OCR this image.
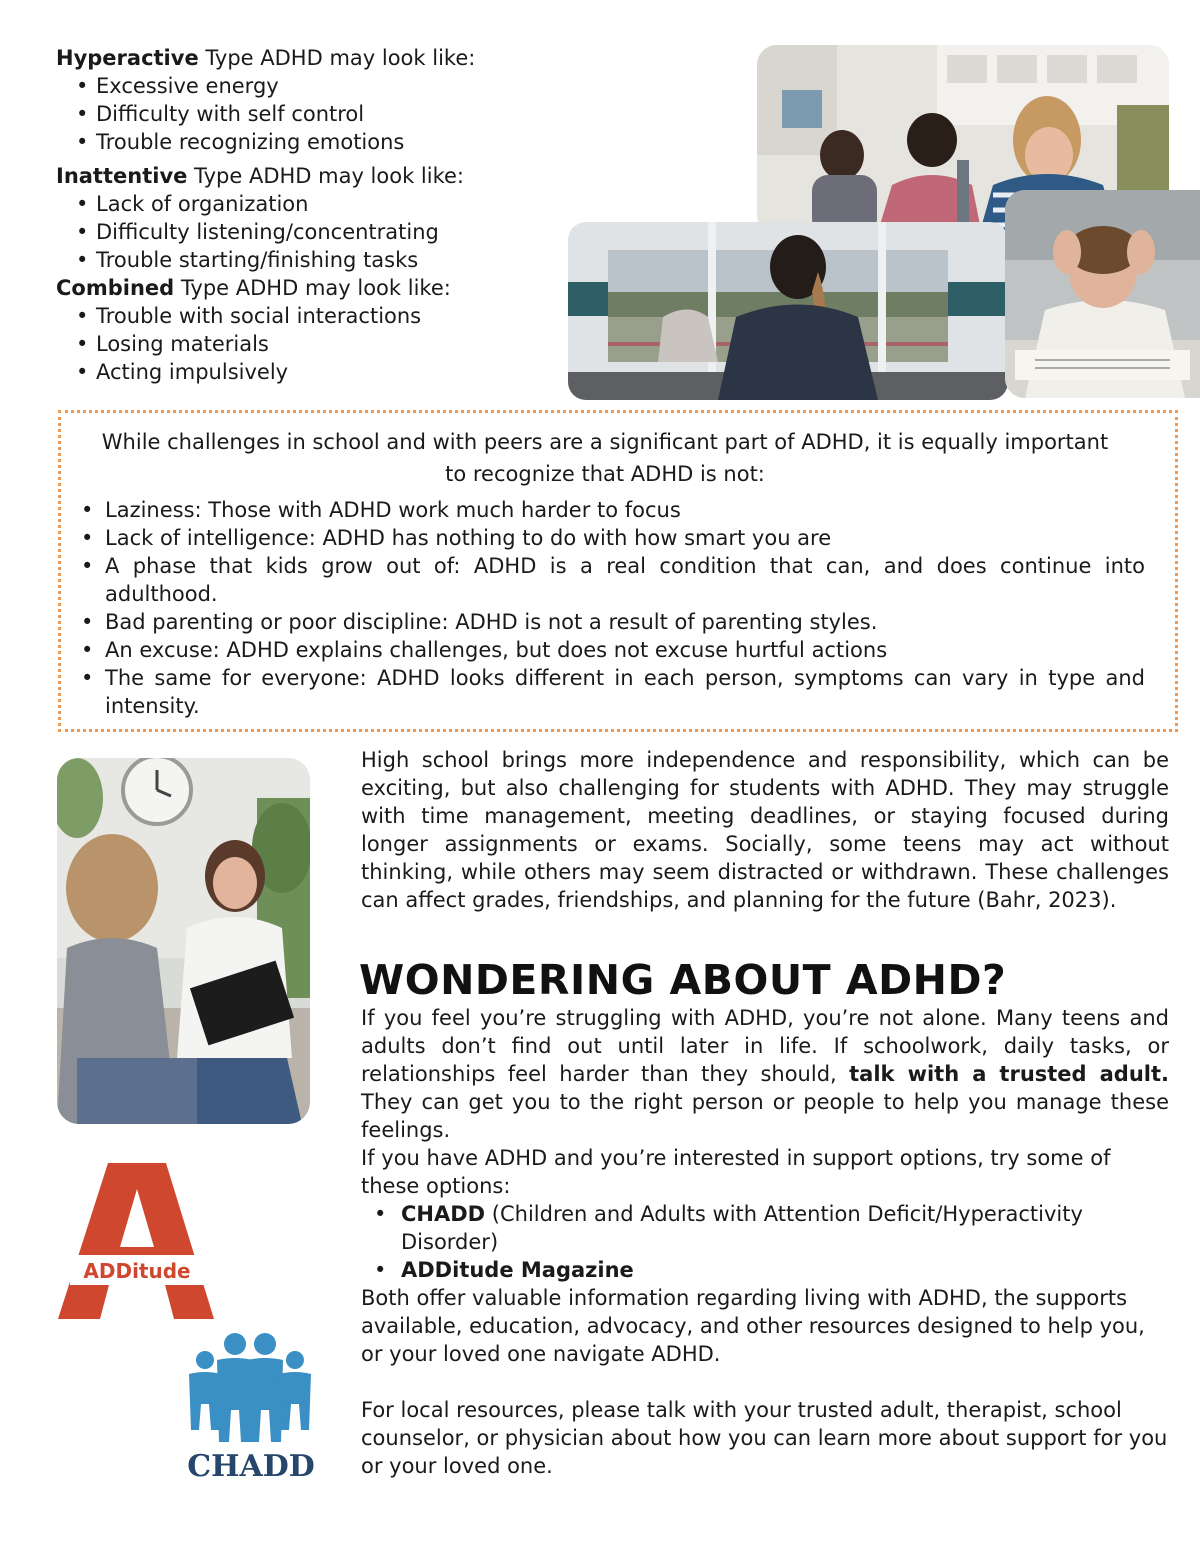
Hyperactive Type ADHD may look like:
• Excessive energy
• Difficulty with self control
• Trouble recognizing emotions
Inattentive Type ADHD may look like:
• Lack of organization
• Difficulty listening/concentrating
• Trouble starting/finishing tasks
Combined Type ADHD may look like:
• Trouble with social interactions
• Losing materials
• Acting impulsively
While challenges in school and with peers are a significant part of ADHD, it is equally important to recognize that ADHD is not:
• Laziness: Those with ADHD work much harder to focus
• Lack of intelligence: ADHD has nothing to do with how smart you are
• A phase that kids grow out of: ADHD is a real condition that can, and does continue into adulthood.
• Bad parenting or poor discipline: ADHD is not a result of parenting styles.
• An excuse: ADHD explains challenges, but does not excuse hurtful actions
• The same for everyone: ADHD looks different in each person, symptoms can vary in type and intensity.
High school brings more independence and responsibility, which can be exciting, but also challenging for students with ADHD. They may struggle with time management, meeting deadlines, or staying focused during longer assignments or exams. Socially, some teens may act without thinking, while others may seem distracted or withdrawn. These challenges can affect grades, friendships, and planning for the future (Bahr, 2023).
WONDERING ABOUT ADHD?

If you feel you’re struggling with ADHD, you’re not alone. Many teens and adults don’t find out until later in life. If schoolwork, daily tasks, or relationships feel harder than they should, talk with a trusted adult. They can get you to the right person or people to help you manage these feelings.

If you have ADHD and you’re interested in support options, try some of these options:

• CHADD (Children and Adults with Attention Deficit/Hyperactivity Disorder)
• ADDitude Magazine

Both offer valuable information regarding living with ADHD, the supports available, education, advocacy, and other resources designed to help you, or your loved one navigate ADHD.

For local resources, please talk with your trusted adult, therapist, school counselor, or physician about how you can learn more about support for you or your loved one.

ADDitude
CHADD
